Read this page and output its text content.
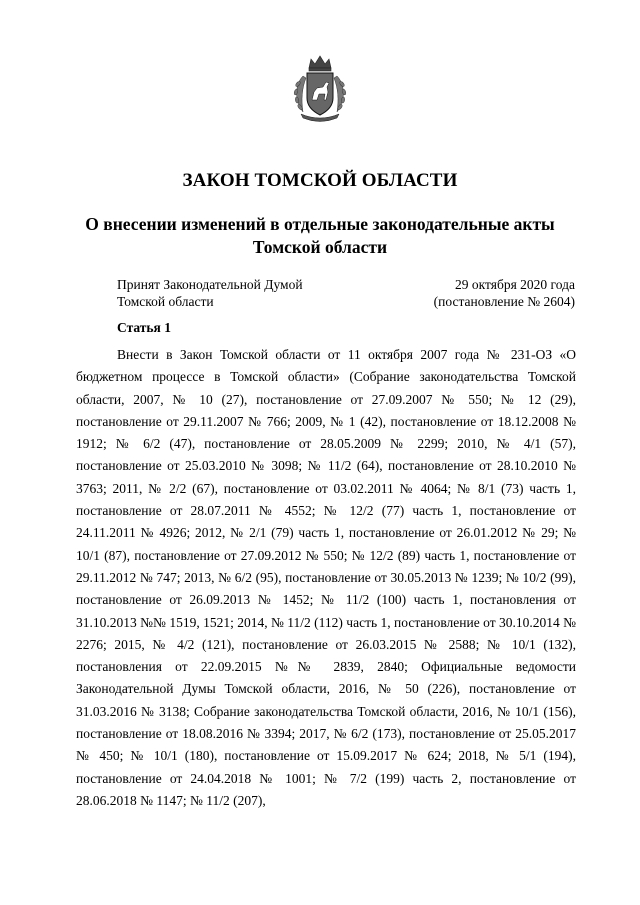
ЗАКОН ТОМСКОЙ ОБЛАСТИ
О внесении изменений в отдельные законодательные акты Томской области
Принят Законодательной Думой
Томской области
29 октября 2020 года
(постановление № 2604)
Статья 1

Внести в Закон Томской области от 11 октября 2007 года № 231-ОЗ «О бюджетном процессе в Томской области» (Собрание законодательства Томской области, 2007, № 10 (27), постановление от 27.09.2007 № 550; № 12 (29), постановление от 29.11.2007 № 766; 2009, № 1 (42), постановление от 18.12.2008 № 1912; № 6/2 (47), постановление от 28.05.2009 № 2299; 2010, № 4/1 (57), постановление от 25.03.2010 № 3098; № 11/2 (64), постановление от 28.10.2010 № 3763; 2011, № 2/2 (67), постановление от 03.02.2011 № 4064; № 8/1 (73) часть 1, постановление от 28.07.2011 № 4552; № 12/2 (77) часть 1, постановление от 24.11.2011 № 4926; 2012, № 2/1 (79) часть 1, постановление от 26.01.2012 № 29; № 10/1 (87), постановление от 27.09.2012 № 550; № 12/2 (89) часть 1, постановление от 29.11.2012 № 747; 2013, № 6/2 (95), постановление от 30.05.2013 № 1239; № 10/2 (99), постановление от 26.09.2013 № 1452; № 11/2 (100) часть 1, постановления от 31.10.2013 №№ 1519, 1521; 2014, № 11/2 (112) часть 1, постановление от 30.10.2014 № 2276; 2015, № 4/2 (121), постановление от 26.03.2015 № 2588; № 10/1 (132), постановления от 22.09.2015 №№ 2839, 2840; Официальные ведомости Законодательной Думы Томской области, 2016, № 50 (226), постановление от 31.03.2016 № 3138; Собрание законодательства Томской области, 2016, № 10/1 (156), постановление от 18.08.2016 № 3394; 2017, № 6/2 (173), постановление от 25.05.2017 № 450; № 10/1 (180), постановление от 15.09.2017 № 624; 2018, № 5/1 (194), постановление от 24.04.2018 № 1001; № 7/2 (199) часть 2, постановление от 28.06.2018 № 1147; № 11/2 (207),
